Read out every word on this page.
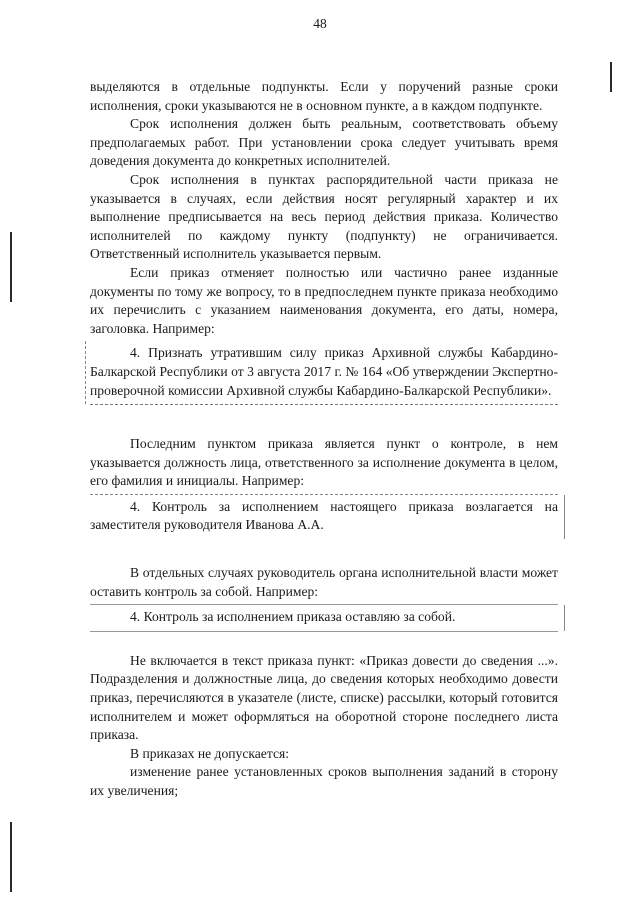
48

выделяются в отдельные подпункты. Если у поручений разные сроки исполнения, сроки указываются не в основном пункте, а в каждом подпункте.

Срок исполнения должен быть реальным, соответствовать объему предполагаемых работ. При установлении срока следует учитывать время доведения документа до конкретных исполнителей.

Срок исполнения в пунктах распорядительной части приказа не указывается в случаях, если действия носят регулярный характер и их выполнение предписывается на весь период действия приказа. Количество исполнителей по каждому пункту (подпункту) не ограничивается. Ответственный исполнитель указывается первым.

Если приказ отменяет полностью или частично ранее изданные документы по тому же вопросу, то в предпоследнем пункте приказа необходимо их перечислить с указанием наименования документа, его даты, номера, заголовка. Например:

4. Признать утратившим силу приказ Архивной службы Кабардино-Балкарской Республики от 3 августа 2017 г. № 164 «Об утверждении Экспертно-проверочной комиссии Архивной службы Кабардино-Балкарской Республики».

Последним пунктом приказа является пункт о контроле, в нем указывается должность лица, ответственного за исполнение документа в целом, его фамилия и инициалы. Например:

4. Контроль за исполнением настоящего приказа возлагается на заместителя руководителя Иванова А.А.

В отдельных случаях руководитель органа исполнительной власти может оставить контроль за собой. Например:

4. Контроль за исполнением приказа оставляю за собой.

Не включается в текст приказа пункт: «Приказ довести до сведения ...». Подразделения и должностные лица, до сведения которых необходимо довести приказ, перечисляются в указателе (листе, списке) рассылки, который готовится исполнителем и может оформляться на оборотной стороне последнего листа приказа.

В приказах не допускается:

изменение ранее установленных сроков выполнения заданий в сторону их увеличения;
